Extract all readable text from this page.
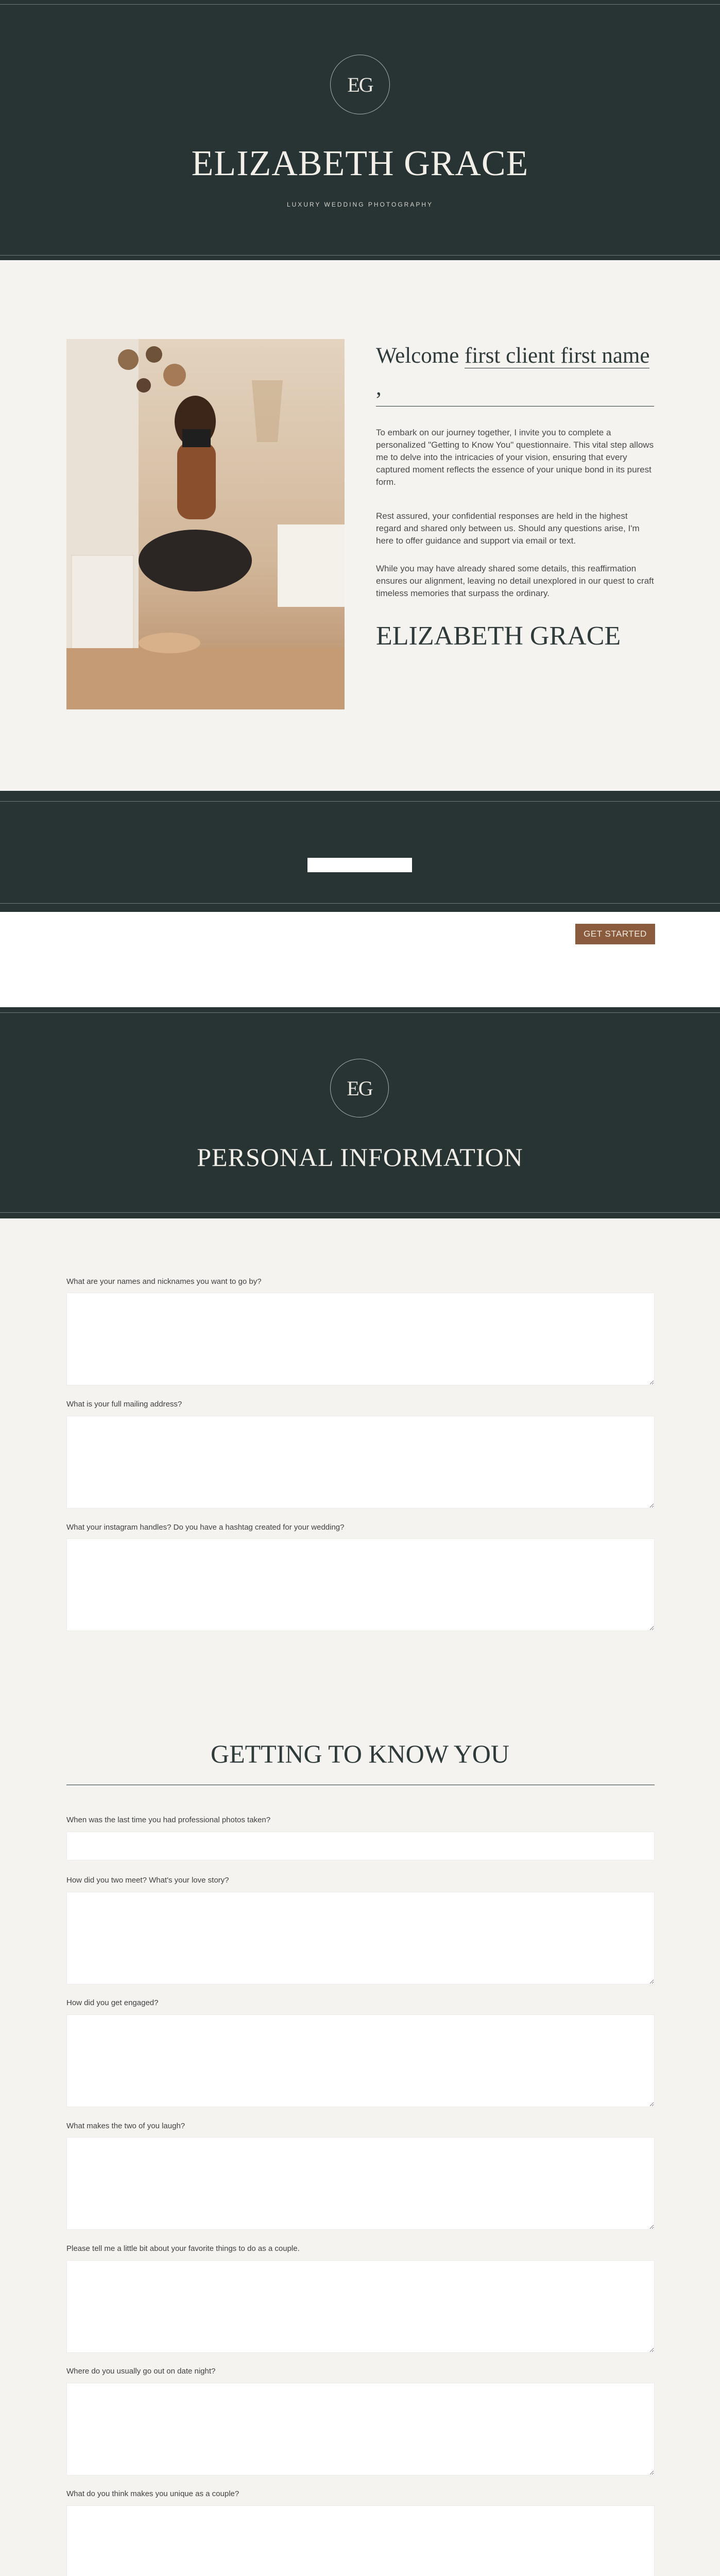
EG
ELIZABETH GRACE
LUXURY WEDDING PHOTOGRAPHY
Welcome first client first name ,

To embark on our journey together, I invite you to complete a personalized "Getting to Know You" questionnaire. This vital step allows me to delve into the intricacies of your vision, ensuring that every captured moment reflects the essence of your unique bond in its purest form.

Rest assured, your confidential responses are held in the highest regard and shared only between us. Should any questions arise, I'm here to offer guidance and support via email or text.

While you may have already shared some details, this reaffirmation ensures our alignment, leaving no detail unexplored in our quest to craft timeless memories that surpass the ordinary.

ELIZABETH GRACE
GET STARTED
EG
PERSONAL INFORMATION
What are your names and nicknames you want to go by?
What is your full mailing address?
What your instagram handles? Do you have a hashtag created for your wedding?
GETTING TO KNOW YOU
When was the last time you had professional photos taken?
How did you two meet? What's your love story?
How did you get engaged?
What makes the two of you laugh?
Please tell me a little bit about your favorite things to do as a couple.
Where do you usually go out on date night?
What do you think makes you unique as a couple?
